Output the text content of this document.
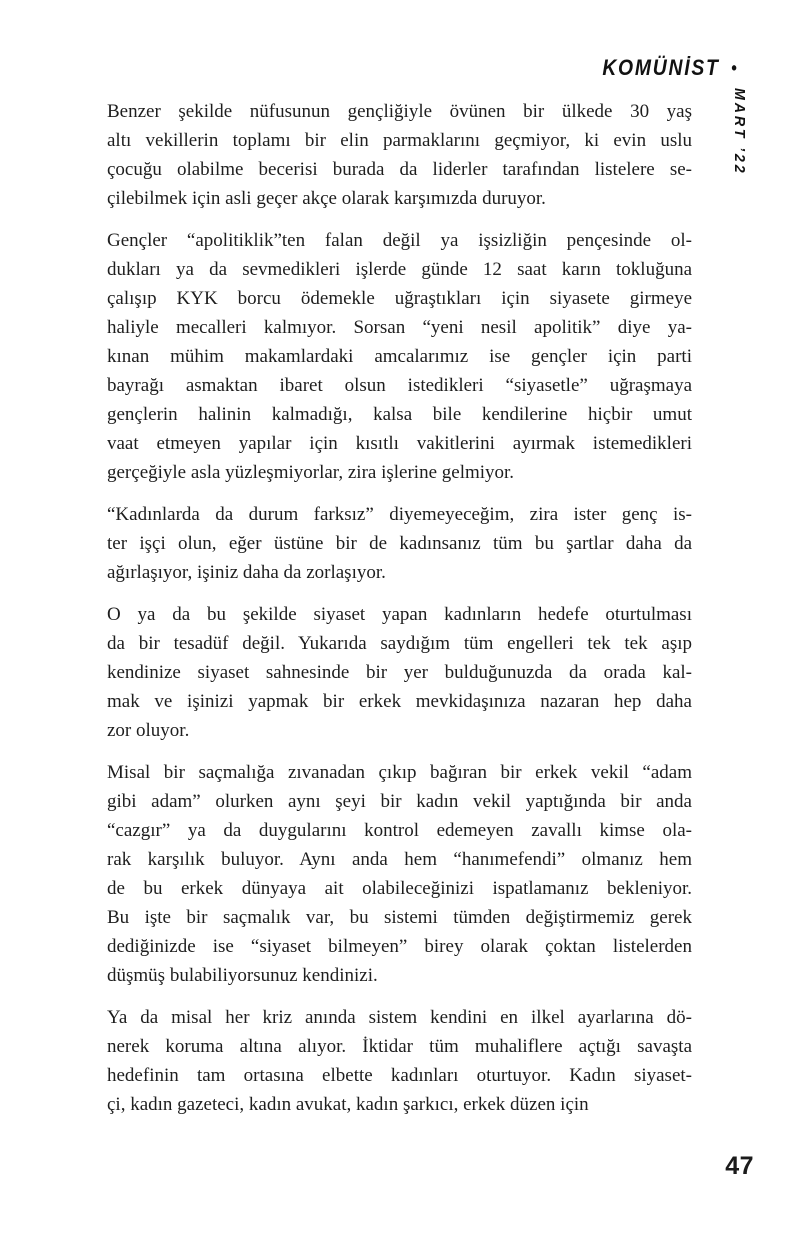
KOMÜNİST •
MART ’22

Benzer şekilde nüfusunun gençliğiyle övünen bir ülkede 30 yaş
altı vekillerin toplamı bir elin parmaklarını geçmiyor, ki evin uslu
çocuğu olabilme becerisi burada da liderler tarafından listelere se-
çilebilmek için asli geçer akçe olarak karşımızda duruyor.

Gençler “apolitiklik”ten falan değil ya işsizliğin pençesinde ol-
dukları ya da sevmedikleri işlerde günde 12 saat karın tokluğuna
çalışıp KYK borcu ödemekle uğraştıkları için siyasete girmeye
haliyle mecalleri kalmıyor. Sorsan “yeni nesil apolitik” diye ya-
kınan mühim makamlardaki amcalarımız ise gençler için parti
bayrağı asmaktan ibaret olsun istedikleri “siyasetle” uğraşmaya
gençlerin halinin kalmadığı, kalsa bile kendilerine hiçbir umut
vaat etmeyen yapılar için kısıtlı vakitlerini ayırmak istemedikleri
gerçeğiyle asla yüzleşmiyorlar, zira işlerine gelmiyor.

“Kadınlarda da durum farksız” diyemeyeceğim, zira ister genç is-
ter işçi olun, eğer üstüne bir de kadınsanız tüm bu şartlar daha da
ağırlaşıyor, işiniz daha da zorlaşıyor.

O ya da bu şekilde siyaset yapan kadınların hedefe oturtulması
da bir tesadüf değil. Yukarıda saydığım tüm engelleri tek tek aşıp
kendinize siyaset sahnesinde bir yer bulduğunuzda da orada kal-
mak ve işinizi yapmak bir erkek mevkidaşınıza nazaran hep daha
zor oluyor.

Misal bir saçmalığa zıvanadan çıkıp bağıran bir erkek vekil “adam
gibi adam” olurken aynı şeyi bir kadın vekil yaptığında bir anda
“cazgır” ya da duygularını kontrol edemeyen zavallı kimse ola-
rak karşılık buluyor. Aynı anda hem “hanımefendi” olmanız hem
de bu erkek dünyaya ait olabileceğinizi ispatlamanız bekleniyor.
Bu işte bir saçmalık var, bu sistemi tümden değiştirmemiz gerek
dediğinizde ise “siyaset bilmeyen” birey olarak çoktan listelerden
düşmüş bulabiliyorsunuz kendinizi.

Ya da misal her kriz anında sistem kendini en ilkel ayarlarına dö-
nerek koruma altına alıyor. İktidar tüm muhaliflere açtığı savaşta
hedefinin tam ortasına elbette kadınları oturtuyor. Kadın siyaset-
çi, kadın gazeteci, kadın avukat, kadın şarkıcı, erkek düzen için

47
